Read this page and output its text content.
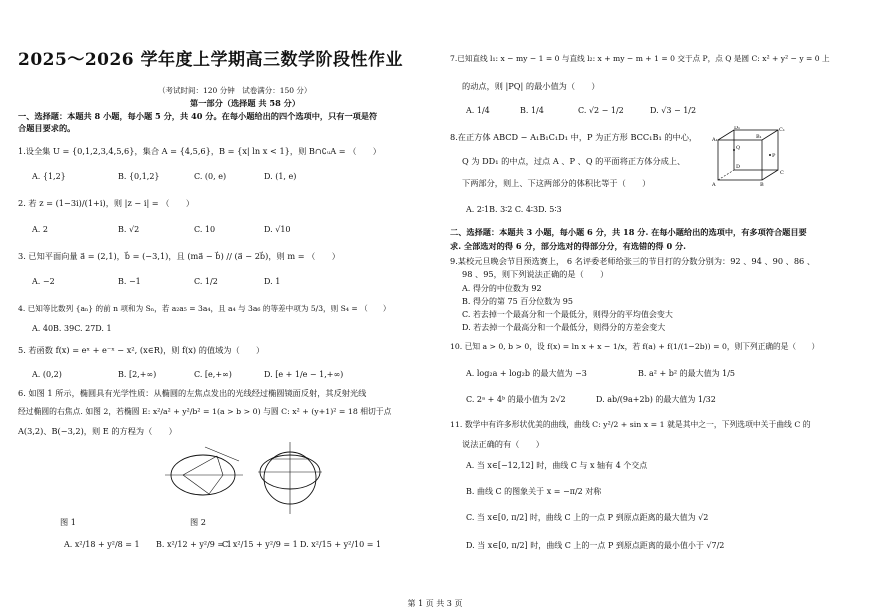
2025～2026 学年度上学期高三数学阶段性作业
（考试时间：120 分钟　试卷满分：150 分）
第一部分（选择题 共 58 分）
一、选择题：本题共 8 小题，每小题 5 分，共 40 分。在每小题给出的四个选项中，只有一项是符
合题目要求的。
1.设全集 U = {0,1,2,3,4,5,6}，集合 A = {4,5,6}，B = {x| ln x < 1}，则 B∩∁ᵤA = （　　）
A. {1,2}	B. {0,1,2}	C. (0, e)	D. (1, e)
2. 若 z = (1−3i)/(1+i)，则 |z − i| = （　　）
A. 2	B. √2	C. 10	D. √10
3. 已知平面向量 a⃗ = (2,1)，b⃗ = (−3,1)，且 (ma⃗ − b⃗) // (a⃗ − 2b⃗)，则 m = （　　）
A. −2	B. −1	C. 1/2	D. 1
4. 已知等比数列 {aₙ} 的前 n 项和为 Sₙ，若 a₂a₅ = 3a₄，且 a₄ 与 3a₆ 的等差中项为 5/3，则 S₄ = （　　）
A. 40B. 39C. 27D. 1
5. 若函数 f(x) = eˣ + e⁻ˣ − x², (x∈R)，则 f(x) 的值域为（　　）
A. (0,2)	B. [2,+∞)	C. [e,+∞)	D. [e + 1/e − 1,+∞)
6. 如图 1 所示，椭圆具有光学性质：从椭圆的左焦点发出的光线经过椭圆镜面反射，其反射光线
经过椭圆的右焦点. 如图 2，若椭圆 E: x²/a² + y²/b² = 1(a > b > 0) 与圆 C: x² + (y+1)² = 18 相切于点
A(3,2)、B(−3,2)，则 E 的方程为（　　）
图 1	图 2
A. x²/18 + y²/8 = 1 B. x²/12 + y²/9 = 1
C. x²/15 + y²/9 = 1 D. x²/15 + y²/10 = 1
7.已知直线 l₁: x − my − 1 = 0 与直线 l₂: x + my − m + 1 = 0 交于点 P，点 Q 是圆 C: x² + y² − y = 0 上
的动点，则 |PQ| 的最小值为（　　）
A. 1/4	B. 1/4	C. √2 − 1/2	D. √3 − 1/2
8.在正方体 ABCD − A₁B₁C₁D₁ 中，P 为正方形 BCC₁B₁ 的中心，
Q 为 DD₁ 的中点，过点 A 、P 、Q 的平面将正方体分成上、
下两部分，则上、下这两部分的体积比等于（　　）
A. 2∶1B. 3∶2 C. 4∶3D. 5∶3
二、选择题：本题共 3 小题，每小题 6 分，共 18 分. 在每小题给出的选项中，有多项符合题目要
求. 全部选对的得 6 分，部分选对的得部分分，有选错的得 0 分.
9.某校元旦晚会节目预选赛上， 6 名评委老师给张三的节目打的分数分别为：92 、94 、90 、86 、
98 、95，则下列说法正确的是（　　）
A. 得分的中位数为 92
B. 得分的第 75 百分位数为 95
C. 若去掉一个最高分和一个最低分，则得分的平均值会变大
D. 若去掉一个最高分和一个最低分，则得分的方差会变大
10. 已知 a > 0, b > 0，设 f(x) = ln x + x − 1/x，若 f(a) + f(1/(1−2b)) = 0，则下列正确的是（　　）
A. log₂a + log₂b 的最大值为 −3	B. a² + b² 的最大值为 1/5
C. 2ᵃ + 4ᵇ 的最小值为 2√2	D. ab/(9a+2b) 的最大值为 1/32
11. 数学中有许多形状优美的曲线，曲线 C: y²/2 + sin x = 1 就是其中之一，下列选项中关于曲线 C 的
说法正确的有（　　）
A. 当 x∈[−12,12] 时，曲线 C 与 x 轴有 4 个交点
B. 曲线 C 的图象关于 x = −π/2 对称
C. 当 x∈[0, π/2] 时，曲线 C 上的一点 P 到原点距离的最大值为 √2
D. 当 x∈[0, π/2] 时，曲线 C 上的一点 P 到原点距离的最小值小于 √7/2
A₁	B₁
C₁
D₁
A	B
C
D
Q
P
第 1 页 共 3 页
